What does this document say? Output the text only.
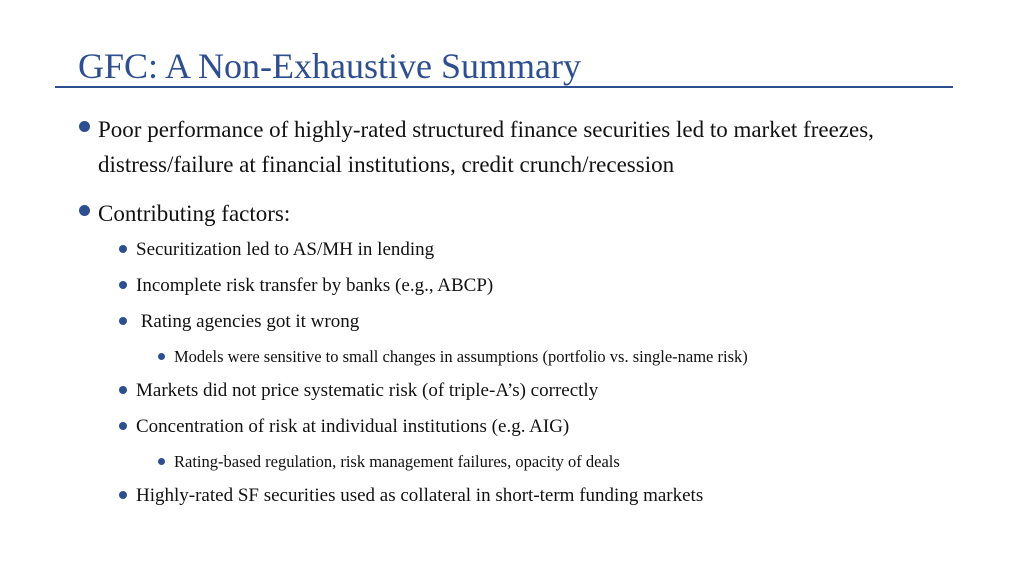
GFC: A Non-Exhaustive Summary
Poor performance of highly-rated structured finance securities led to market freezes, distress/failure at financial institutions, credit crunch/recession
Contributing factors:
Securitization led to AS/MH in lending
Incomplete risk transfer by banks (e.g., ABCP)
Rating agencies got it wrong
Models were sensitive to small changes in assumptions (portfolio vs. single-name risk)
Markets did not price systematic risk (of triple-A’s) correctly
Concentration of risk at individual institutions (e.g. AIG)
Rating-based regulation, risk management failures, opacity of deals
Highly-rated SF securities used as collateral in short-term funding markets
